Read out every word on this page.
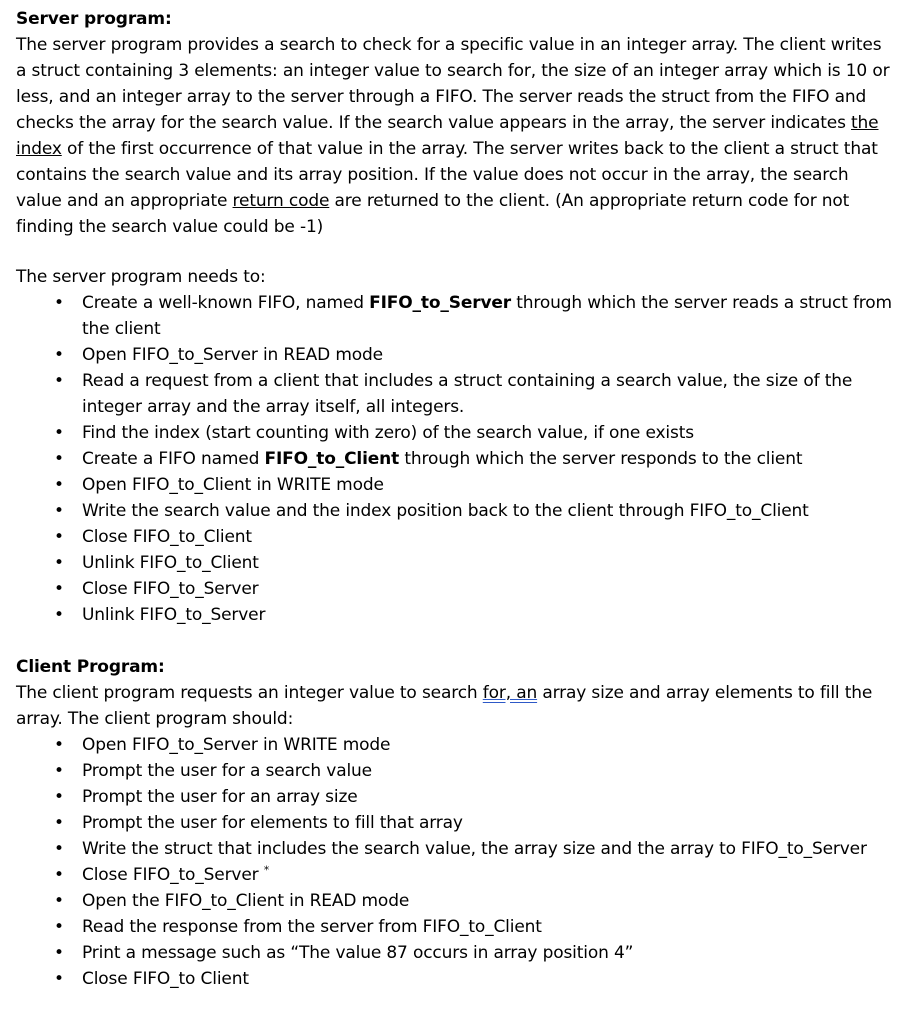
Server program:

The server program provides a search to check for a specific value in an integer array. The client writes a struct containing 3 elements: an integer value to search for, the size of an integer array which is 10 or less, and an integer array to the server through a FIFO. The server reads the struct from the FIFO and checks the array for the search value. If the search value appears in the array, the server indicates the index of the first occurrence of that value in the array. The server writes back to the client a struct that contains the search value and its array position. If the value does not occur in the array, the search value and an appropriate return code are returned to the client. (An appropriate return code for not finding the search value could be -1)

The server program needs to:

• Create a well-known FIFO, named FIFO_to_Server through which the server reads a struct from the client
• Open FIFO_to_Server in READ mode
• Read a request from a client that includes a struct containing a search value, the size of the integer array and the array itself, all integers.
• Find the index (start counting with zero) of the search value, if one exists
• Create a FIFO named FIFO_to_Client through which the server responds to the client
• Open FIFO_to_Client in WRITE mode
• Write the search value and the index position back to the client through FIFO_to_Client
• Close FIFO_to_Client
• Unlink FIFO_to_Client
• Close FIFO_to_Server
• Unlink FIFO_to_Server
Client Program:

The client program requests an integer value to search for, an array size and array elements to fill the array. The client program should:

• Open FIFO_to_Server in WRITE mode
• Prompt the user for a search value
• Prompt the user for an array size
• Prompt the user for elements to fill that array
• Write the struct that includes the search value, the array size and the array to FIFO_to_Server
• Close FIFO_to_Server *
• Open the FIFO_to_Client in READ mode
• Read the response from the server from FIFO_to_Client
• Print a message such as “The value 87 occurs in array position 4”
• Close FIFO_to Client
